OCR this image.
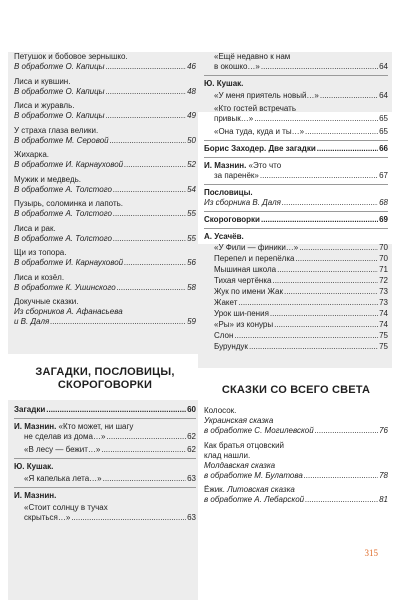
Петушок и бобовое зернышко.
В обработке О. Капицы .....	46
Лиса и кувшин.
В обработке О. Капицы .....	48
Лиса и журавль.
В обработке О. Капицы .....	49
У страха глаза велики.
В обработке М. Серовой .....	50
Жихарка.
В обработке И. Карнауховой .....	52
Мужик и медведь.
В обработке А. Толстого .....	54
Пузырь, соломинка и лапоть.
В обработке А. Толстого .....	55
Лиса и рак.
В обработке А. Толстого .....	55
Щи из топора.
В обработке И. Карнауховой .....	56
Лиса и козёл.
В обработке К. Ушинского .....	58
Докучные сказки.
Из сборников А. Афанасьева
и В. Даля .....	59
ЗАГАДКИ, ПОСЛОВИЦЫ,
СКОРОГОВОРКИ
Загадки .....	60
И. Мазнин. «Кто может, ни шагу
не сделав из дома…» .....	62
«В лесу — бежит…» .....	62
Ю. Кушак.
«Я капелька лета…» .....	63
И. Мазнин.
«Стоит солнцу в тучах
скрыться…» .....	63
«Ещё недавно к нам
в окошко…» .....	64
Ю. Кушак.
«У меня приятель новый…» .....	64
«Кто гостей встречать
привык…» .....	65
«Она туда, куда и ты…» .....	65
Борис Заходер. Две загадки .....	66
И. Мазнин. «Это что
за паренёк» .....	67
Пословицы.
Из сборника В. Даля .....	68
Скороговорки .....	69
А. Усачёв.
«У Фили — финики…» .....	70
Перепел и перепёлка .....	70
Мышиная школа .....	71
Тихая чертёнка .....	72
Жук по имени Жак .....	73
Жакет .....	73
Урок ши-пения .....	74
«Ры» из конуры .....	74
Слон .....	75
Бурундук .....	75
СКАЗКИ СО ВСЕГО СВЕТА
Колосок.
Украинская сказка
в обработке С. Могилевской .....	76
Как братья отцовский
клад нашли.
Молдавская сказка
в обработке М. Булатова .....	78
Ёжик. Литовская сказка
в обработке А. Лебарской .....	81
315
